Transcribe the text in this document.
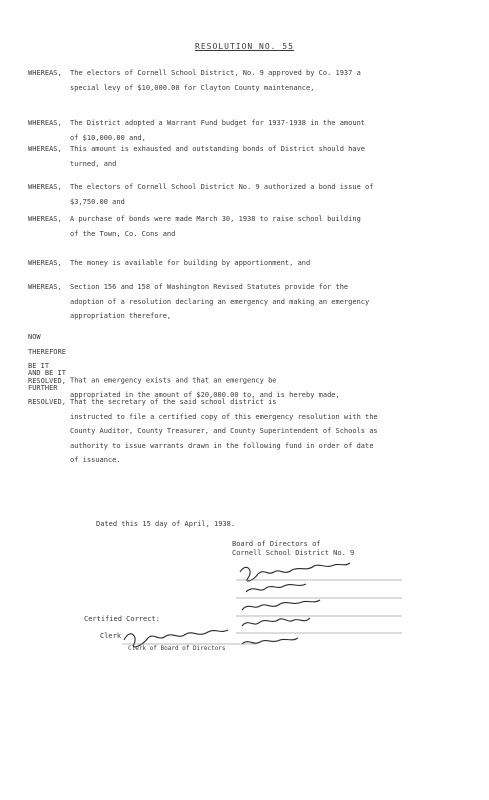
RESOLUTION NO. 55
WHEREAS, The electors of Cornell School District, No. 9 approved by Co. 1937 a
special levy of $10,000.00 for Clayton County maintenance,
WHEREAS, The District adopted a Warrant Fund budget for 1937-1938 in the amount
of $10,000.00 and,
WHEREAS, This amount is exhausted and outstanding bonds of District should have
turned, and
WHEREAS, The electors of Cornell School District No. 9 authorized a bond issue of
$3,750.00 and
WHEREAS, A purchase of bonds were made March 30, 1938 to raise school building
of the Town, Co. Cons and
WHEREAS, The money is available for building by apportionment, and
WHEREAS, Section 156 and 158 of Washington Revised Statutes provide for the
adoption of a resolution declaring an emergency and making an emergency
appropriation therefore,
NOW THEREFORE BE IT RESOLVED, That an emergency exists and that an emergency be
appropriated in the amount of $20,000.00 to, and is hereby made,
AND BE IT FURTHER RESOLVED, That the secretary of the said school district is
instructed to file a certified copy of this emergency resolution with the
County Auditor, County Treasurer, and County Superintendent of Schools as
authority to issue warrants drawn in the following fund in order of date
of issuance.
Dated this 15 day of April, 1938.
Board of Directors of
Cornell School District No. 9
Certified Correct:
Clerk
Clerk of Board of Directors
